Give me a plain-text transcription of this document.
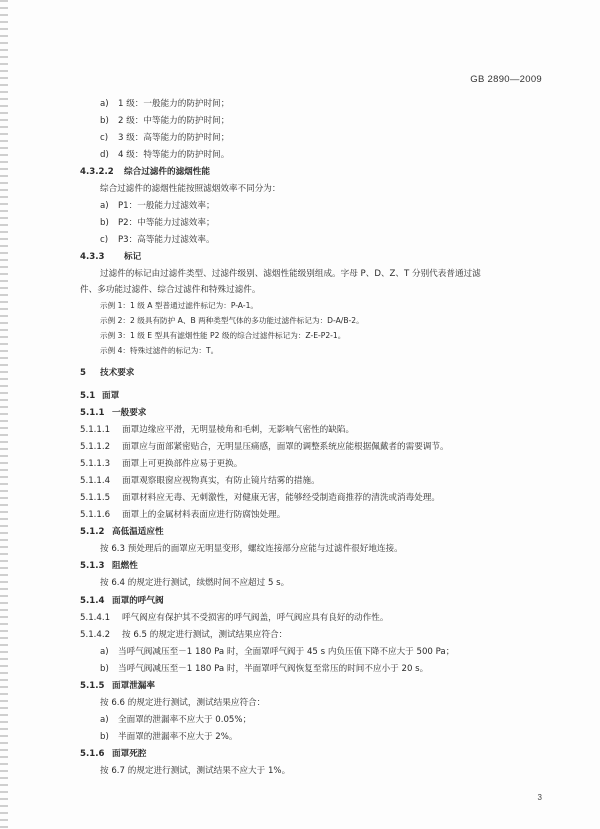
GB 2890—2009
a) 1 级：一般能力的防护时间；
b) 2 级：中等能力的防护时间；
c) 3 级：高等能力的防护时间；
d) 4 级：特等能力的防护时间。
4.3.2.2 综合过滤件的滤烟性能
综合过滤件的滤烟性能按照滤烟效率不同分为：
a) P1：一般能力过滤效率；
b) P2：中等能力过滤效率；
c) P3：高等能力过滤效率。
4.3.3 标记
过滤件的标记由过滤件类型、过滤件级别、滤烟性能级别组成。字母 P、D、Z、T 分别代表普通过滤
件、多功能过滤件、综合过滤件和特殊过滤件。
示例 1：1 级 A 型普通过滤件标记为：P-A-1。
示例 2：2 级具有防护 A、B 两种类型气体的多功能过滤件标记为：D-A/B-2。
示例 3：1 级 E 型具有滤烟性能 P2 级的综合过滤件标记为：Z-E-P2-1。
示例 4：特殊过滤件的标记为：T。
5 技术要求
5.1 面罩
5.1.1 一般要求
5.1.1.1 面罩边缘应平滑，无明显棱角和毛刺，无影响气密性的缺陷。
5.1.1.2 面罩应与面部紧密贴合，无明显压痛感，面罩的调整系统应能根据佩戴者的需要调节。
5.1.1.3 面罩上可更换部件应易于更换。
5.1.1.4 面罩观察眼窗应视物真实，有防止镜片结雾的措施。
5.1.1.5 面罩材料应无毒、无刺激性，对健康无害，能够经受制造商推荐的清洗或消毒处理。
5.1.1.6 面罩上的金属材料表面应进行防腐蚀处理。
5.1.2 高低温适应性
按 6.3 预处理后的面罩应无明显变形，螺纹连接部分应能与过滤件很好地连接。
5.1.3 阻燃性
按 6.4 的规定进行测试，续燃时间不应超过 5 s。
5.1.4 面罩的呼气阀
5.1.4.1 呼气阀应有保护其不受损害的呼气阀盖，呼气阀应具有良好的动作性。
5.1.4.2 按 6.5 的规定进行测试，测试结果应符合：
a) 当呼气阀减压至－1 180 Pa 时，全面罩呼气阀于 45 s 内负压值下降不应大于 500 Pa；
b) 当呼气阀减压至－1 180 Pa 时，半面罩呼气阀恢复至常压的时间不应小于 20 s。
5.1.5 面罩泄漏率
按 6.6 的规定进行测试，测试结果应符合：
a) 全面罩的泄漏率不应大于 0.05%；
b) 半面罩的泄漏率不应大于 2%。
5.1.6 面罩死腔
按 6.7 的规定进行测试，测试结果不应大于 1%。
3
